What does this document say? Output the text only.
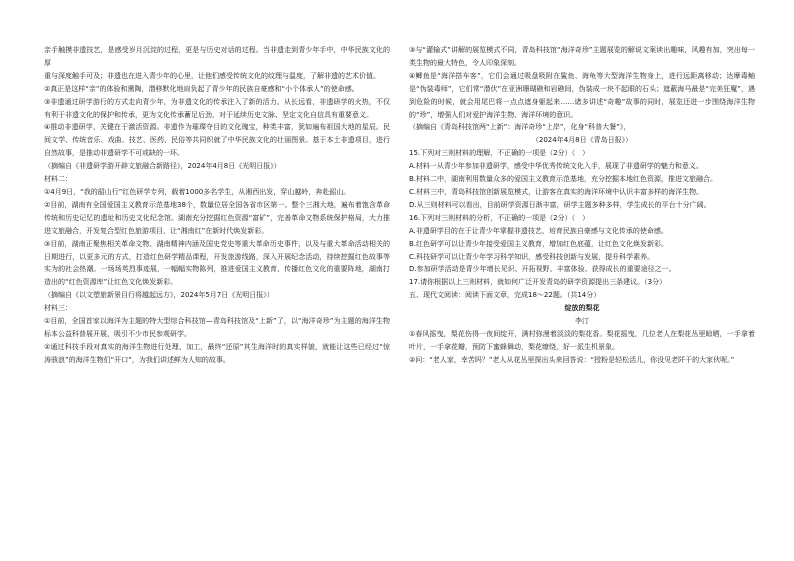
亲手触摸非遗技艺，是感受岁月沉淀的过程，更是与历史对话的过程。当非遗走到青少年手中，中华民族文化的厚

重与深度触手可及；非遗也在进入青少年的心里，让他们感受传统文化的纹理与温度，了解非遗的艺术价值。

②真正是这样“亲”的体验和熏陶，潜移默化地肩负起了青少年的民族自豪感和“小个体承人”的使命感。

③非遗通过研学游行的方式走向青少年，为非遗文化的传承注入了新的活力。从长远看，非遗研学的火热，不仅有利于非遗文化的保护和传承，更为文化传承蓄足后劲，对于延续历史文脉、坚定文化自信具有重要意义。

④推动非遗研学，关键在于激活资源。非遗作为璀璨夺目的文化瑰宝，种类丰富，犹如遍布祖国大地的星辰。民间文学、传统音乐、戏曲、技艺、医药、民俗等共同织就了中华民族文化的壮丽图景。基于本土非遗项目，进行自然故事，是推动非遗研学不可或缺的一环。

（摘编自《非遗研学游开辟文旅融合新路径》，2024年4月8日《光明日报》）

材料二：

①4月9日，“我的韶山行”红色研学专列，载着1000多名学生，从湘西出发，穿山越岭，奔赴韶山。

②目前，湖南有全国爱国主义教育示范基地38个，数量位居全国各省市区第一。整个三湘大地，遍布着饱含革命传统和历史记忆的遗址和历史文化纪念馆。湖南充分挖掘红色资源“富矿”，完善革命文物系统保护格局，大力推进文旅融合，开发复合型红色旅游项目，让“湘南红”在新时代焕发新彩。

③目前，湖南正聚焦相关革命文物、湖南精神内涵及国史党史等重大革命历史事件，以及与重大革命活动相关的日期进行，以更多元的方式，打造红色研学精品课程，开发旅游线路，深入开展纪念活动，持续挖掘红色故事等实为的社会热潮。一场场英烈事迹展，一幅幅实物陈列，推进爱国主义教育、传播红色文化的重要阵地，湖南打造出的“红色资源库”让红色文化焕发新彩。

（摘编自《以文塑旅新景目行将越起远方》，2024年5月7日《光明日报》）

材料三：

①目前，全国首家以海洋为主题的特大型综合科技馆—青岛科技馆及“上新”了，以“海洋奇珍”为主题的海洋生物标本公益科普展开展，吸引不少市民参观研学。

②通过科技手段对真实的海洋生物进行处理、加工，最终“还原”其生海洋时的真实样貌，就能让这些已经过“惊涛骇浪”的海洋生物们“开口”，为我们讲述鲜为人知的故事。

③与“灌输式”讲解的展览模式不同，青岛科技馆“海洋奇珍”主题展览的解说文案读出趣味，风趣有加，突出每一类生物的最大特色，令人印象深刻。

④鲫鱼是“海洋搭车客”，它们会通过吸盘吸附在鲨鱼、海龟等大型海洋生物身上，进行远距离移动；达摩毒鲉是“伪装毒师”，它们常“潜伏”在亚洲珊瑚礁和岩礁间，伪装成一块不起眼的石头；遮蔽海马最是“完美狂魔”，遇到危险的时候，就会用尾巴将一点点遮身躯起来……诸多讲述“奇趣”故事的同时，展览还进一步围绕海洋生物的“珍”，增强人们对爱护海洋生物、海洋环境的意识。

（摘编自《青岛科技馆两“上新”：海洋奇珍“上岸”，化身“科普大餐”》，

（2024年4月8日《青岛日报》）

15.下列对三则材料的理解，不正确的一项是（2分）（　）

A.材料一从青少年参加非遗研学，感受中华优秀传统文化入手，展现了非遗研学的魅力和意义。

B.材料二中，湖南利用数量众多的爱国主义教育示范基地，充分挖掘本地红色资源，推进文旅融合。

C.材料三中，青岛科技馆创新展览模式，让游客在真实的海洋环境中认识丰富多样的海洋生物。

D.从三则材料可以看出，目前研学资源日渐丰富，研学主题多种多样，学生成长的平台十分广阔。

16.下列对三则材料的分析，不正确的一项是（2分）（　）

A.非遗研学目的在于让青少年掌握非遗技艺，培育民族自豪感与文化传承的使命感。

B.红色研学可以让青少年接受爱国主义教育，增加红色底蕴，让红色文化焕发新彩。

C.科技研学可以让青少年学习科学知识，感受科技创新与发展，提升科学素养。

D.参加研学活动是青少年增长见识、开拓视野、丰富体验、获得成长的重要途径之一。

17.请你根据以上三则材料，就如何广泛开发青岛的研学资源提出三条建议。（3分）

五、现代文阅读：阅读下面文章，完成18～22题。（共14分）

绽放的梨花

李汀

①春风摇曳，梨花伤得一夜间绽开，满村弥漫着淡淡的梨花香。梨花摇曳，几位老人在梨花丛里晾晒，一手拿着叶片，一手拿花瓣，预防下蜜蜂舞动，梨花缭绕，好一派生机景象。

②问：“老人家，幸苦吗？”老人从花丛里探出头来回答说：“授粉是轻松活儿，你没见老阡干的大家伙呢。”
